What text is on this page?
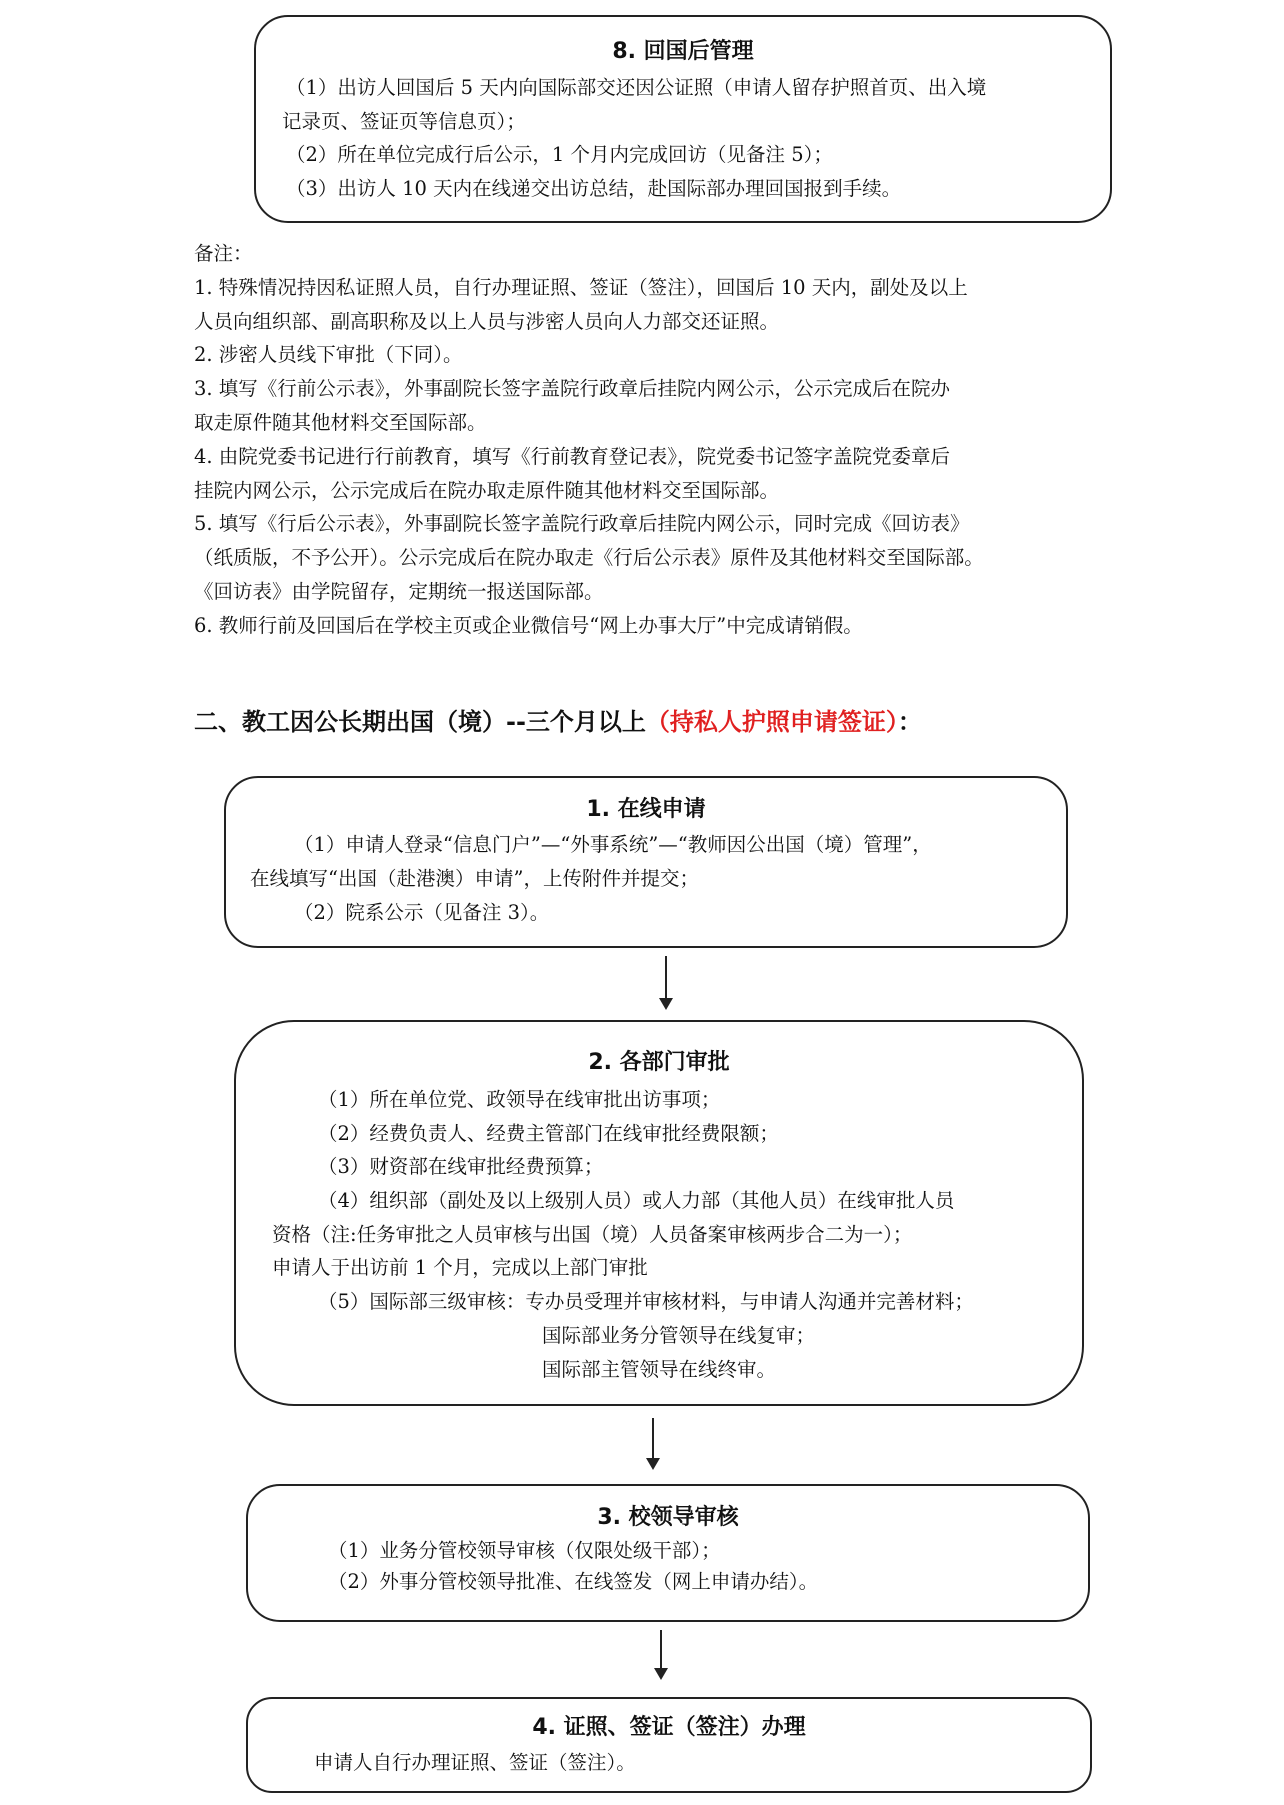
8. 回国后管理
（1）出访人回国后 5 天内向国际部交还因公证照（申请人留存护照首页、出入境
记录页、签证页等信息页）；
（2）所在单位完成行后公示，1 个月内完成回访（见备注 5）；
（3）出访人 10 天内在线递交出访总结，赴国际部办理回国报到手续。
备注：
1. 特殊情况持因私证照人员，自行办理证照、签证（签注），回国后 10 天内，副处及以上
人员向组织部、副高职称及以上人员与涉密人员向人力部交还证照。
2. 涉密人员线下审批（下同）。
3. 填写《行前公示表》，外事副院长签字盖院行政章后挂院内网公示，公示完成后在院办
取走原件随其他材料交至国际部。
4. 由院党委书记进行行前教育，填写《行前教育登记表》，院党委书记签字盖院党委章后
挂院内网公示，公示完成后在院办取走原件随其他材料交至国际部。
5. 填写《行后公示表》，外事副院长签字盖院行政章后挂院内网公示，同时完成《回访表》
（纸质版，不予公开）。公示完成后在院办取走《行后公示表》原件及其他材料交至国际部。
《回访表》由学院留存，定期统一报送国际部。
6. 教师行前及回国后在学校主页或企业微信号“网上办事大厅”中完成请销假。
二、教工因公长期出国（境）--三个月以上（持私人护照申请签证）：
1. 在线申请
（1）申请人登录“信息门户”—“外事系统”—“教师因公出国（境）管理”，
在线填写“出国（赴港澳）申请”，上传附件并提交；
（2）院系公示（见备注 3）。
2. 各部门审批
（1）所在单位党、政领导在线审批出访事项；
（2）经费负责人、经费主管部门在线审批经费限额；
（3）财资部在线审批经费预算；
（4）组织部（副处及以上级别人员）或人力部（其他人员）在线审批人员
资格（注:任务审批之人员审核与出国（境）人员备案审核两步合二为一）；
申请人于出访前 1 个月，完成以上部门审批
（5）国际部三级审核：专办员受理并审核材料，与申请人沟通并完善材料；
国际部业务分管领导在线复审；
国际部主管领导在线终审。
3. 校领导审核
（1）业务分管校领导审核（仅限处级干部）；
（2）外事分管校领导批准、在线签发（网上申请办结）。
4. 证照、签证（签注）办理
申请人自行办理证照、签证（签注）。
